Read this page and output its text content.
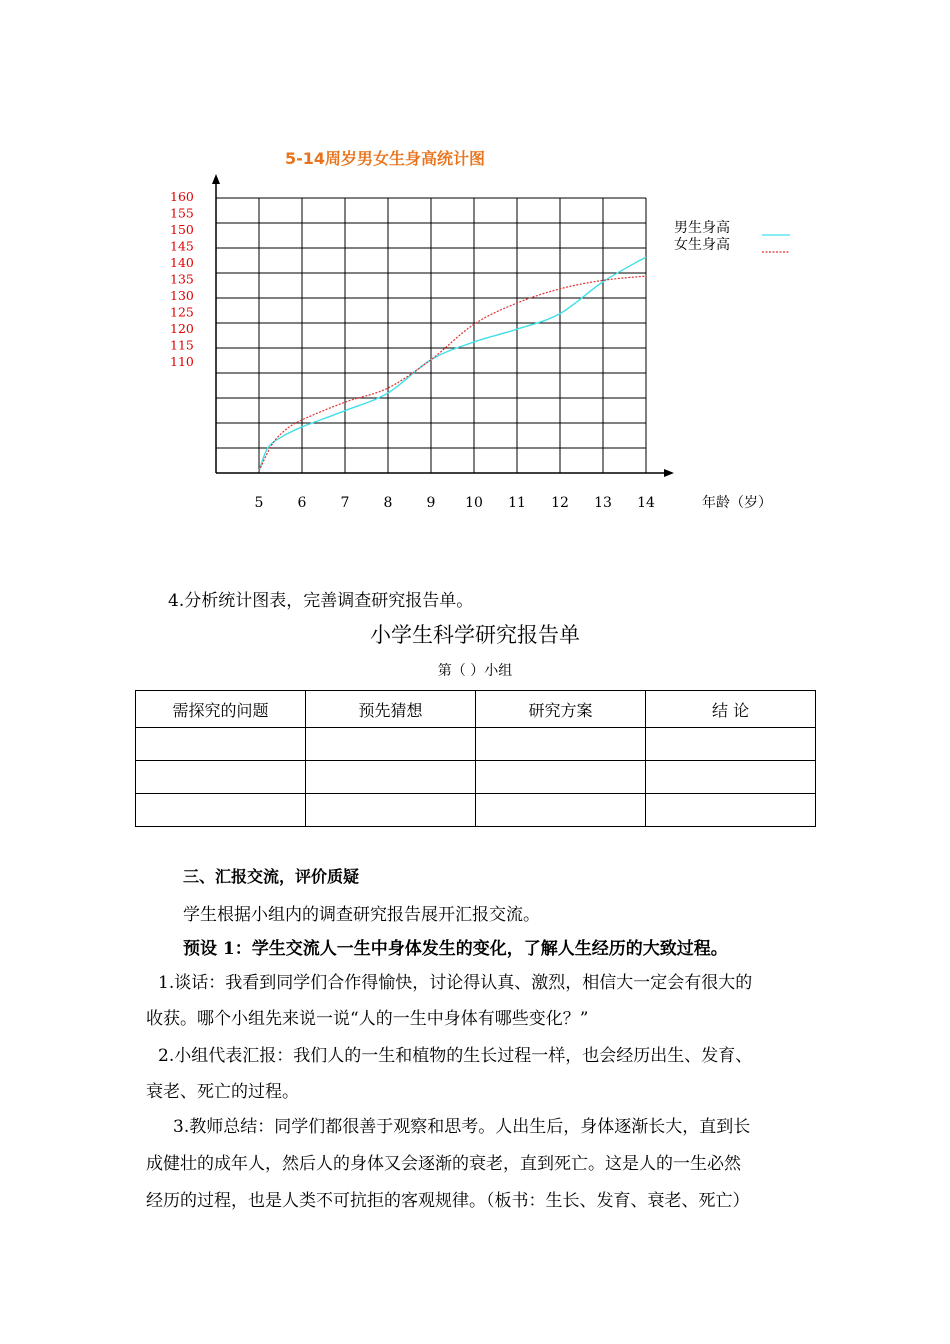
5-14周岁男女生身高统计图
160
155
150
145
140
135
130
125
120
115
110
5 6 7 8 9 10 11 12 13 14	年龄（岁）
男生身高
女生身高
4.分析统计图表，完善调查研究报告单。
小学生科学研究报告单
第（ ）小组
需探究的问题	预先猜想	研究方案	结 论

三、汇报交流，评价质疑
学生根据小组内的调查研究报告展开汇报交流。
预设 1：学生交流人一生中身体发生的变化，了解人生经历的大致过程。
1.谈话：我看到同学们合作得愉快，讨论得认真、激烈，相信大一定会有很大的
收获。哪个小组先来说一说“人的一生中身体有哪些变化？”
2.小组代表汇报：我们人的一生和植物的生长过程一样，也会经历出生、发育、
衰老、死亡的过程。
3.教师总结：同学们都很善于观察和思考。人出生后，身体逐渐长大，直到长
成健壮的成年人，然后人的身体又会逐渐的衰老，直到死亡。这是人的一生必然
经历的过程，也是人类不可抗拒的客观规律。（板书：生长、发育、衰老、死亡）
